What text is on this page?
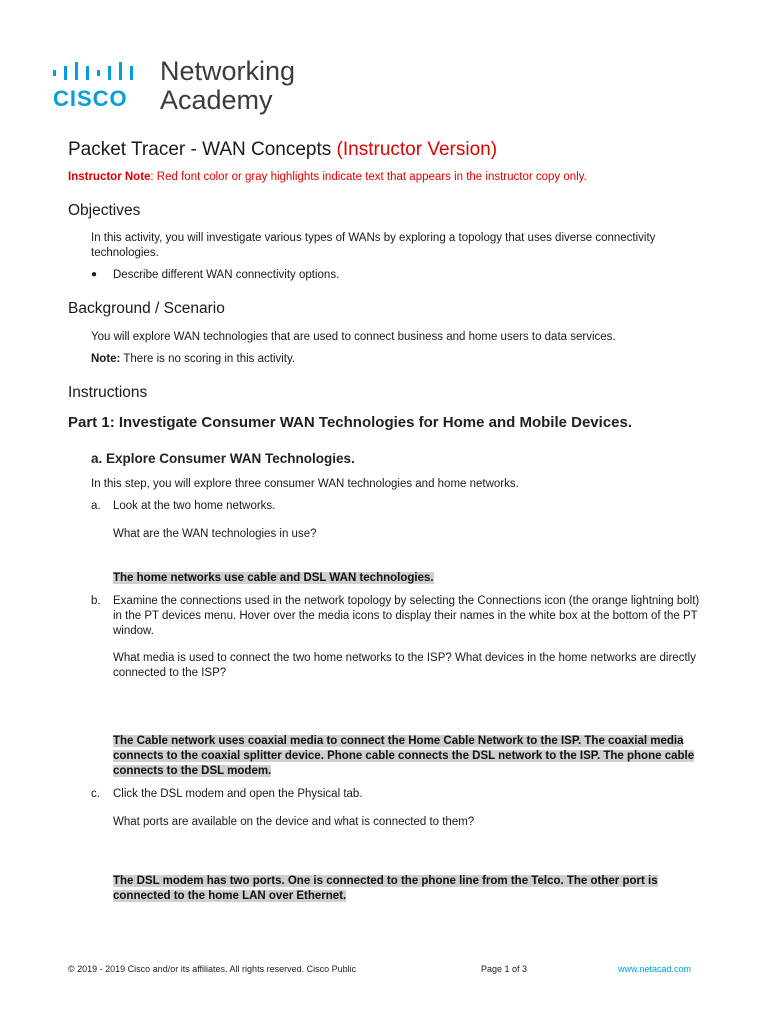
CISCO
Networking
Academy
Packet Tracer - WAN Concepts (Instructor Version)
Instructor Note: Red font color or gray highlights indicate text that appears in the instructor copy only.
Objectives
In this activity, you will investigate various types of WANs by exploring a topology that uses diverse connectivity technologies.
● Describe different WAN connectivity options.
Background / Scenario
You will explore WAN technologies that are used to connect business and home users to data services.
Note: There is no scoring in this activity.
Instructions
Part 1: Investigate Consumer WAN Technologies for Home and Mobile Devices.
a. Explore Consumer WAN Technologies.
In this step, you will explore three consumer WAN technologies and home networks.
a. Look at the two home networks.
What are the WAN technologies in use?
The home networks use cable and DSL WAN technologies.
b. Examine the connections used in the network topology by selecting the Connections icon (the orange lightning bolt) in the PT devices menu. Hover over the media icons to display their names in the white box at the bottom of the PT window.
What media is used to connect the two home networks to the ISP? What devices in the home networks are directly connected to the ISP?
The Cable network uses coaxial media to connect the Home Cable Network to the ISP. The coaxial media connects to the coaxial splitter device. Phone cable connects the DSL network to the ISP. The phone cable connects to the DSL modem.
c. Click the DSL modem and open the Physical tab.
What ports are available on the device and what is connected to them?
The DSL modem has two ports. One is connected to the phone line from the Telco. The other port is connected to the home LAN over Ethernet.
© 2019 - 2019 Cisco and/or its affiliates. All rights reserved. Cisco Public	Page 1 of 3	www.netacad.com
